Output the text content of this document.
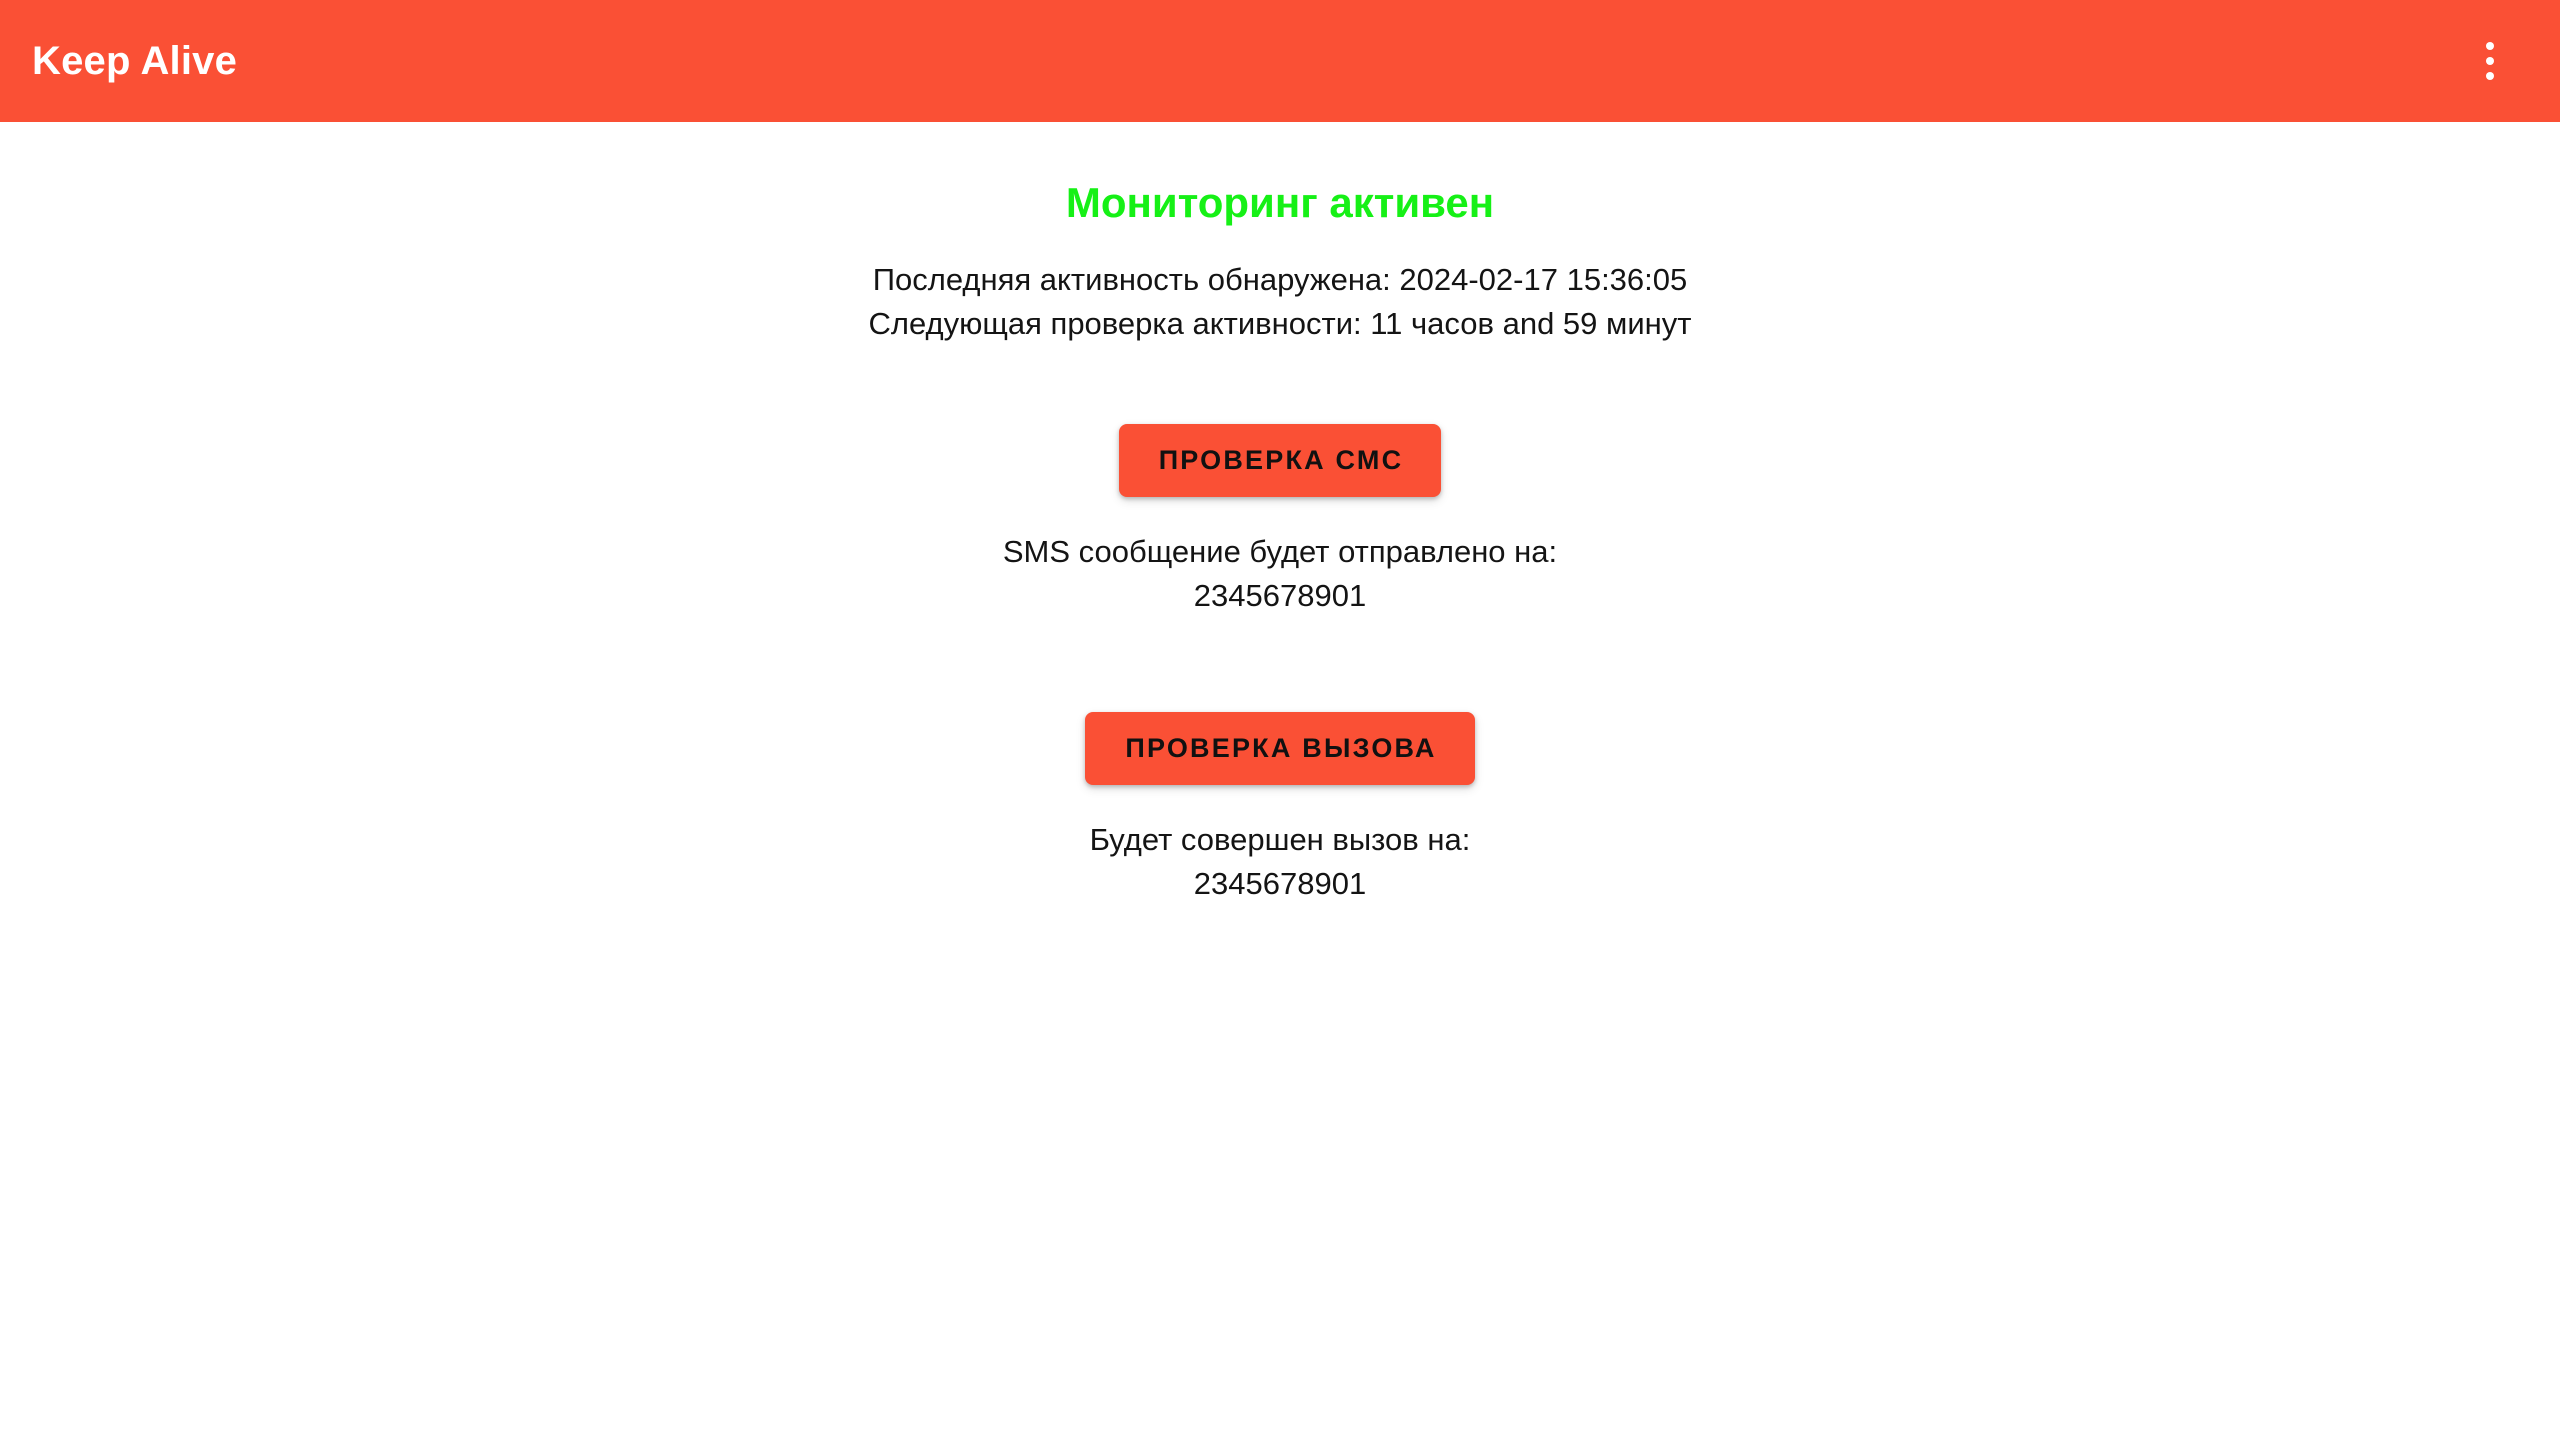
Keep Alive
Мониторинг активен
Последняя активность обнаружена: 2024-02-17 15:36:05
Следующая проверка активности: 11 часов and 59 минут
ПРОВЕРКА СМС
SMS сообщение будет отправлено на:
2345678901
ПРОВЕРКА ВЫЗОВА
Будет совершен вызов на:
2345678901
